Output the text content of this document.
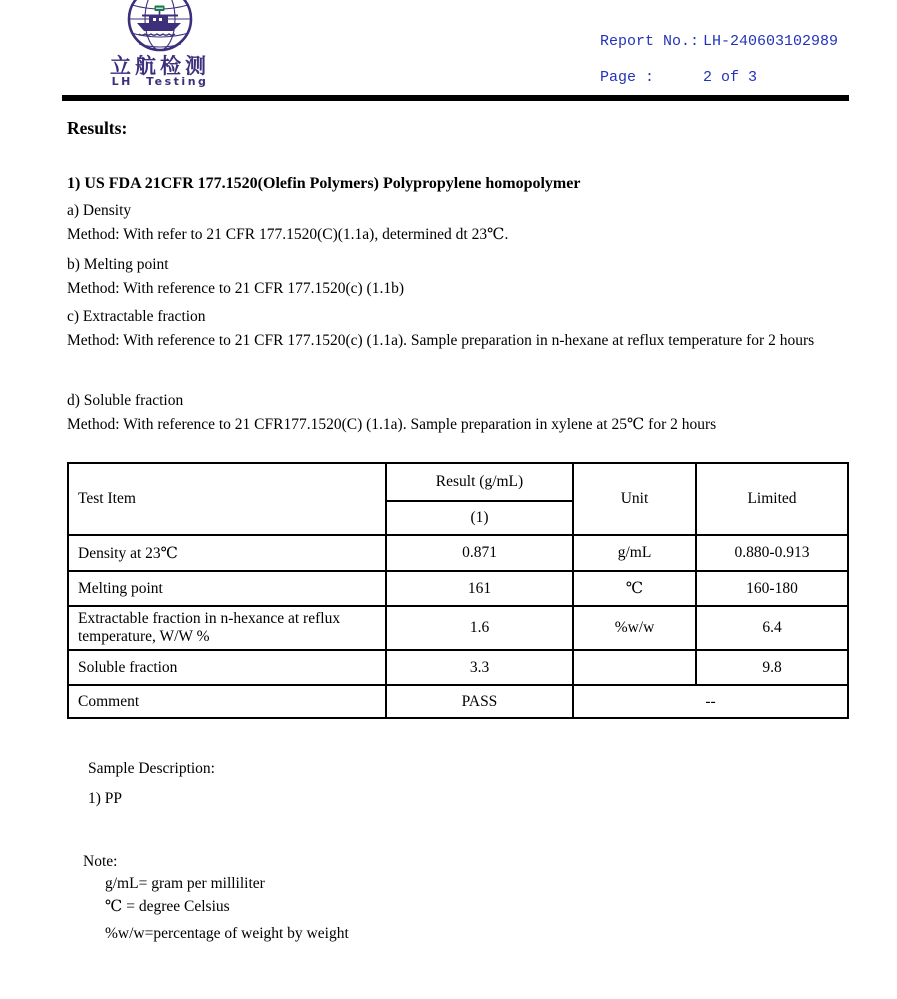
立航检测
LH Testing
Report No.: LH-240603102989
Page :	2 of 3
Results:
1) US FDA 21CFR 177.1520(Olefin Polymers) Polypropylene homopolymer
a) Density
Method: With refer to 21 CFR 177.1520(C)(1.1a), determined dt 23℃.
b) Melting point
Method: With reference to 21 CFR 177.1520(c) (1.1b)
c) Extractable fraction
Method: With reference to 21 CFR 177.1520(c) (1.1a). Sample preparation in n-hexane at reflux temperature for 2 hours
d) Soluble fraction
Method: With reference to 21 CFR177.1520(C) (1.1a). Sample preparation in xylene at 25℃ for 2 hours
Test Item	Result (g/mL)	Unit	Limited
	(1)		
Density at 23℃	0.871	g/mL	0.880-0.913
Melting point	161	℃	160-180
Extractable fraction in n-hexance at reflux temperature, W/W %	1.6	%w/w	6.4
Soluble fraction	3.3		9.8
Comment	PASS	--	
Sample Description:
1) PP
Note:
g/mL= gram per milliliter
℃ = degree Celsius
%w/w=percentage of weight by weight
